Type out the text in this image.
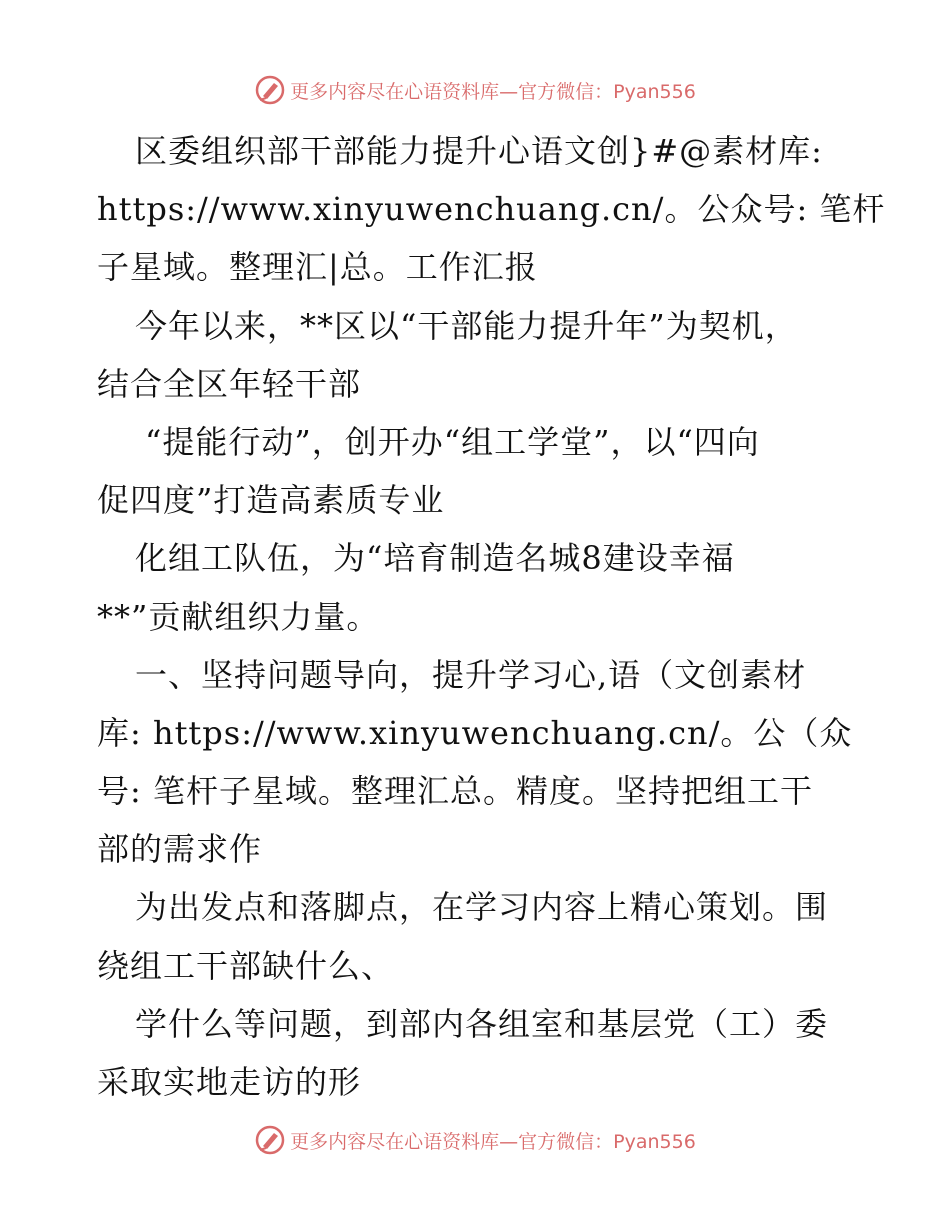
更多内容尽在心语资料库—官方微信：Pyan556
区委组织部干部能力提升心语文创}#@素材库:
https://www.xinyuwenchuang.cn/。公众号: 笔杆
子星域。整理汇|总。工作汇报
今年以来，**区以“干部能力提升年”为契机，
结合全区年轻干部
“提能行动”，创开办“组工学堂”，以“四向
促四度”打造高素质专业
化组工队伍，为“培育制造名城8建设幸福
**”贡献组织力量。
一、坚持问题导向，提升学习心,语（文创素材
库: https://www.xinyuwenchuang.cn/。公（众
号: 笔杆子星域。整理汇总。精度。坚持把组工干
部的需求作
为出发点和落脚点，在学习内容上精心策划。围
绕组工干部缺什么、
学什么等问题，到部内各组室和基层党（工）委
采取实地走访的形
更多内容尽在心语资料库—官方微信：Pyan556
